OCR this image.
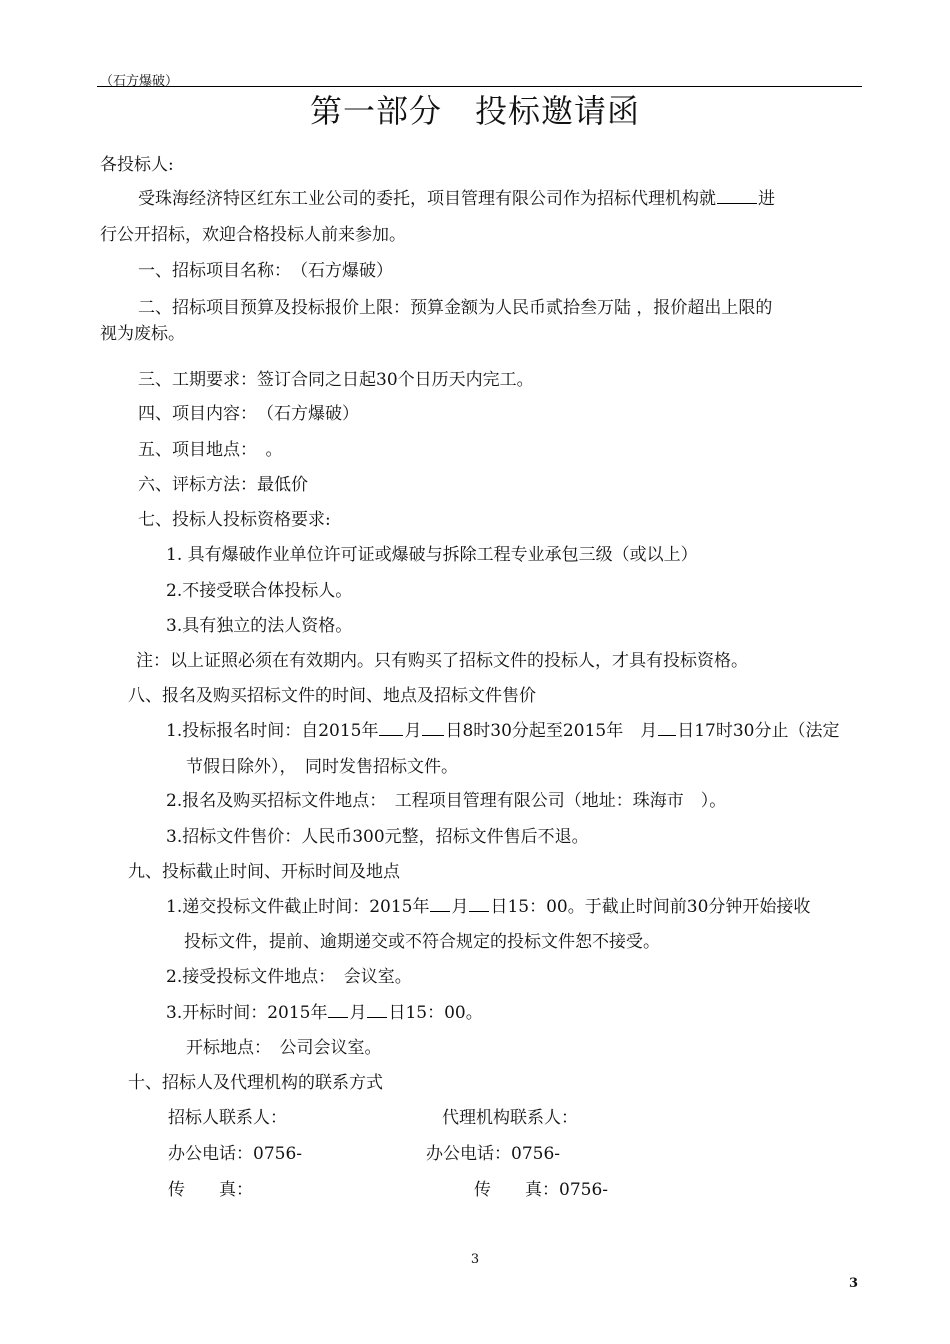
（石方爆破）
第一部分　投标邀请函
各投标人:
受珠海经济特区红东工业公司的委托，项目管理有限公司作为招标代理机构就 进
行公开招标，欢迎合格投标人前来参加。
一、招标项目名称：　（石方爆破）
二、招标项目预算及投标报价上限：预算金额为人民币贰拾叁万陆 ，报价超出上限的
视为废标。
三、工期要求：签订合同之日起30个日历天内完工。
四、项目内容：　（石方爆破）
五、项目地点：　。
六、评标方法：最低价
七、投标人投标资格要求:
1. 具有爆破作业单位许可证或爆破与拆除工程专业承包三级（或以上）
2.不接受联合体投标人。
3.具有独立的法人资格。
注：以上证照必须在有效期内。只有购买了招标文件的投标人，才具有投标资格。
八、报名及购买招标文件的时间、地点及招标文件售价
1.投标报名时间：自2015年 月 日8时30分起至2015年　月 日17时30分止（法定
节假日除外），　同时发售招标文件。
2.报名及购买招标文件地点：　工程项目管理有限公司（地址：珠海市　）。
3.招标文件售价：人民币300元整，招标文件售后不退。
九、投标截止时间、开标时间及地点
1.递交投标文件截止时间：2015年 月 日15：00。于截止时间前30分钟开始接收
投标文件，提前、逾期递交或不符合规定的投标文件恕不接受。
2.接受投标文件地点：　会议室。
3.开标时间：2015年 月 日15：00。
开标地点：　公司会议室。
十、招标人及代理机构的联系方式
招标人联系人：	代理机构联系人：
办公电话：0756-	办公电话：0756-
传　　真：	传　　真：0756-
3
3
